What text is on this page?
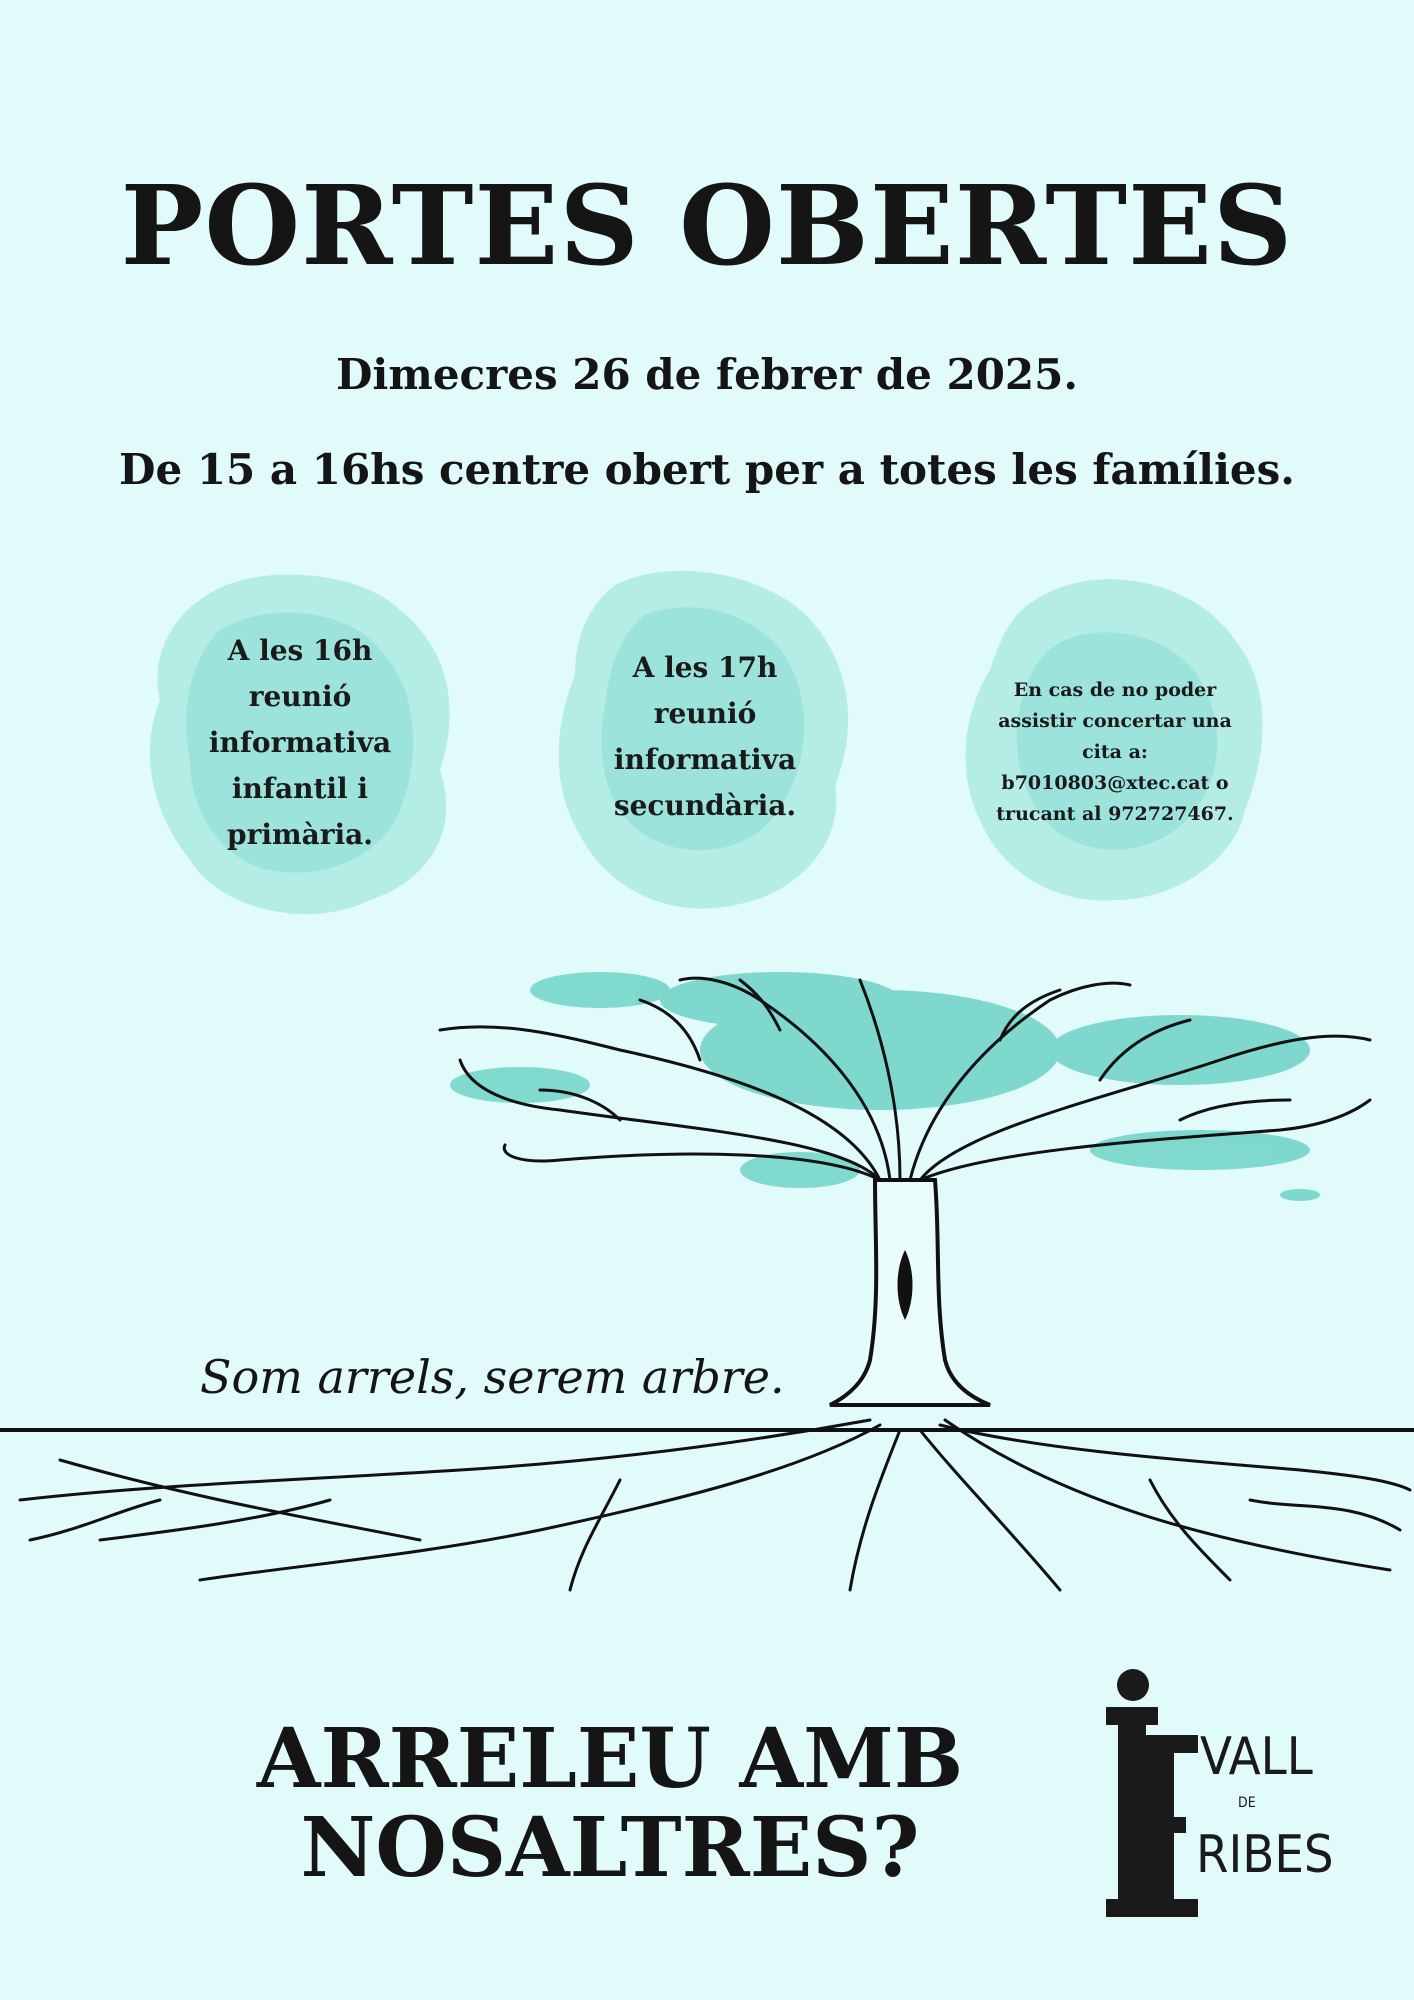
PORTES OBERTES
Dimecres 26 de febrer de 2025.
De 15 a 16hs centre obert per a totes les famílies.
A les 16h
reunió
informativa
infantil i
primària.
A les 17h
reunió
informativa
secundària.
En cas de no poder
assistir concertar una
cita a:
b7010803@xtec.cat o
trucant al 972727467.
Som arrels, serem arbre.
ARRELEU AMB
NOSALTRES?
VALL
DE
RIBES
